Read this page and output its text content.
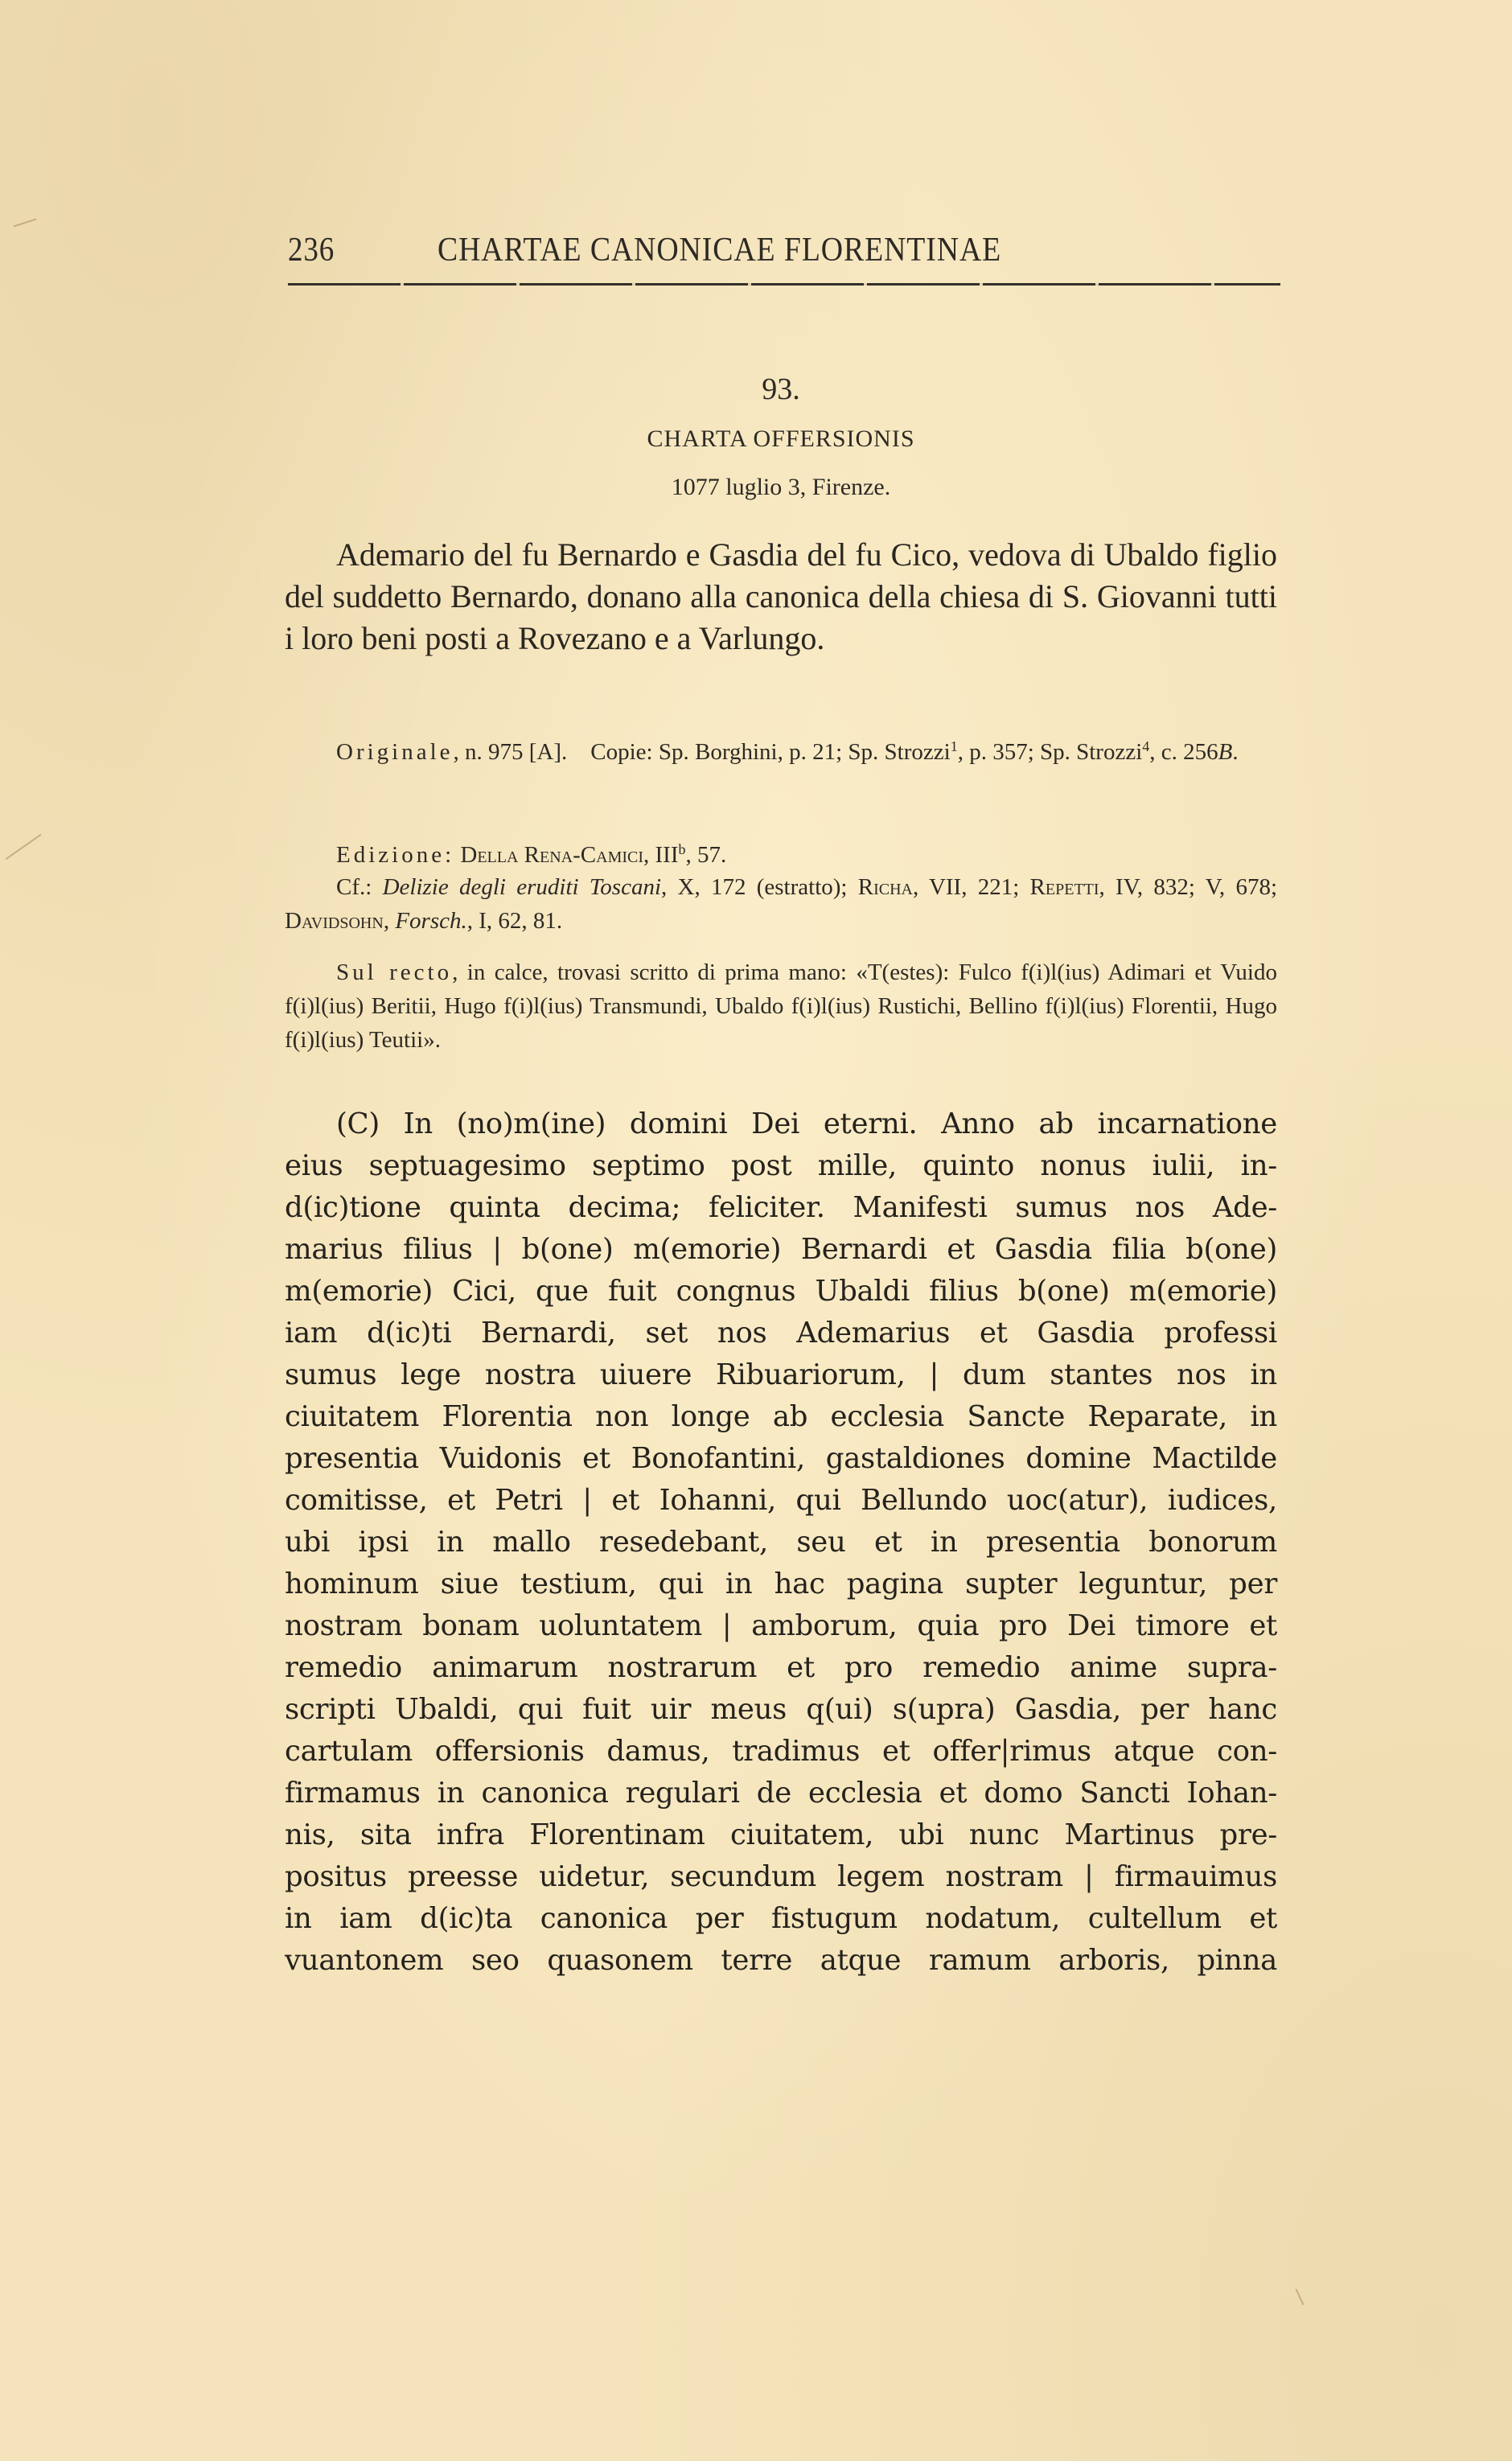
236	CHARTAE CANONICAE FLORENTINAE
93.
CHARTA OFFERSIONIS
1077 luglio 3, Firenze.
Ademario del fu Bernardo e Gasdia del fu Cico, vedova di Ubaldo figlio del suddetto Bernardo, donano alla canonica della chiesa di S. Giovanni tutti i loro beni posti a Rovezano e a Varlungo.
Originale, n. 975 [A]. Copie: Sp. Borghini, p. 21; Sp. Strozzi$^1$, p. 357; Sp. Strozzi$^4$, c. 256B.
Edizione: Della Rena-Camici, III$^b$, 57.
Cf.: Delizie degli eruditi Toscani, X, 172 (estratto); Richa, VII, 221; Repetti, IV, 832; V, 678; Davidsohn, Forsch., I, 62, 81.
Sul recto, in calce, trovasi scritto di prima mano: «T(estes): Fulco f(i)l(ius) Adimari et Vuido f(i)l(ius) Beritii, Hugo f(i)l(ius) Transmundi, Ubaldo f(i)l(ius) Rustichi, Bellino f(i)l(ius) Florentii, Hugo f(i)l(ius) Teutii».
(C) In (no)m(ine) domini Dei eterni. Anno ab incarnatione
eius septuagesimo septimo post mille, quinto nonus iulii, in-
d(ic)tione quinta decima; feliciter. Manifesti sumus nos Ade-
marius filius | b(one) m(emorie) Bernardi et Gasdia filia b(one)
m(emorie) Cici, que fuit congnus Ubaldi filius b(one) m(emorie)
iam d(ic)ti Bernardi, set nos Ademarius et Gasdia professi
sumus lege nostra uiuere Ribuariorum, | dum stantes nos in
ciuitatem Florentia non longe ab ecclesia Sancte Reparate, in
presentia Vuidonis et Bonofantini, gastaldiones domine Mactilde
comitisse, et Petri | et Iohanni, qui Bellundo uoc(atur), iudices,
ubi ipsi in mallo resedebant, seu et in presentia bonorum
hominum siue testium, qui in hac pagina supter leguntur, per
nostram bonam uoluntatem | amborum, quia pro Dei timore et
remedio animarum nostrarum et pro remedio anime supra-
scripti Ubaldi, qui fuit uir meus q(ui) s(upra) Gasdia, per hanc
cartulam offersionis damus, tradimus et offer|rimus atque con-
firmamus in canonica regulari de ecclesia et domo Sancti Iohan-
nis, sita infra Florentinam ciuitatem, ubi nunc Martinus pre-
positus preesse uidetur, secundum legem nostram | firmauimus
in iam d(ic)ta canonica per fistugum nodatum, cultellum et
vuantonem seo quasonem terre atque ramum arboris, pinna
